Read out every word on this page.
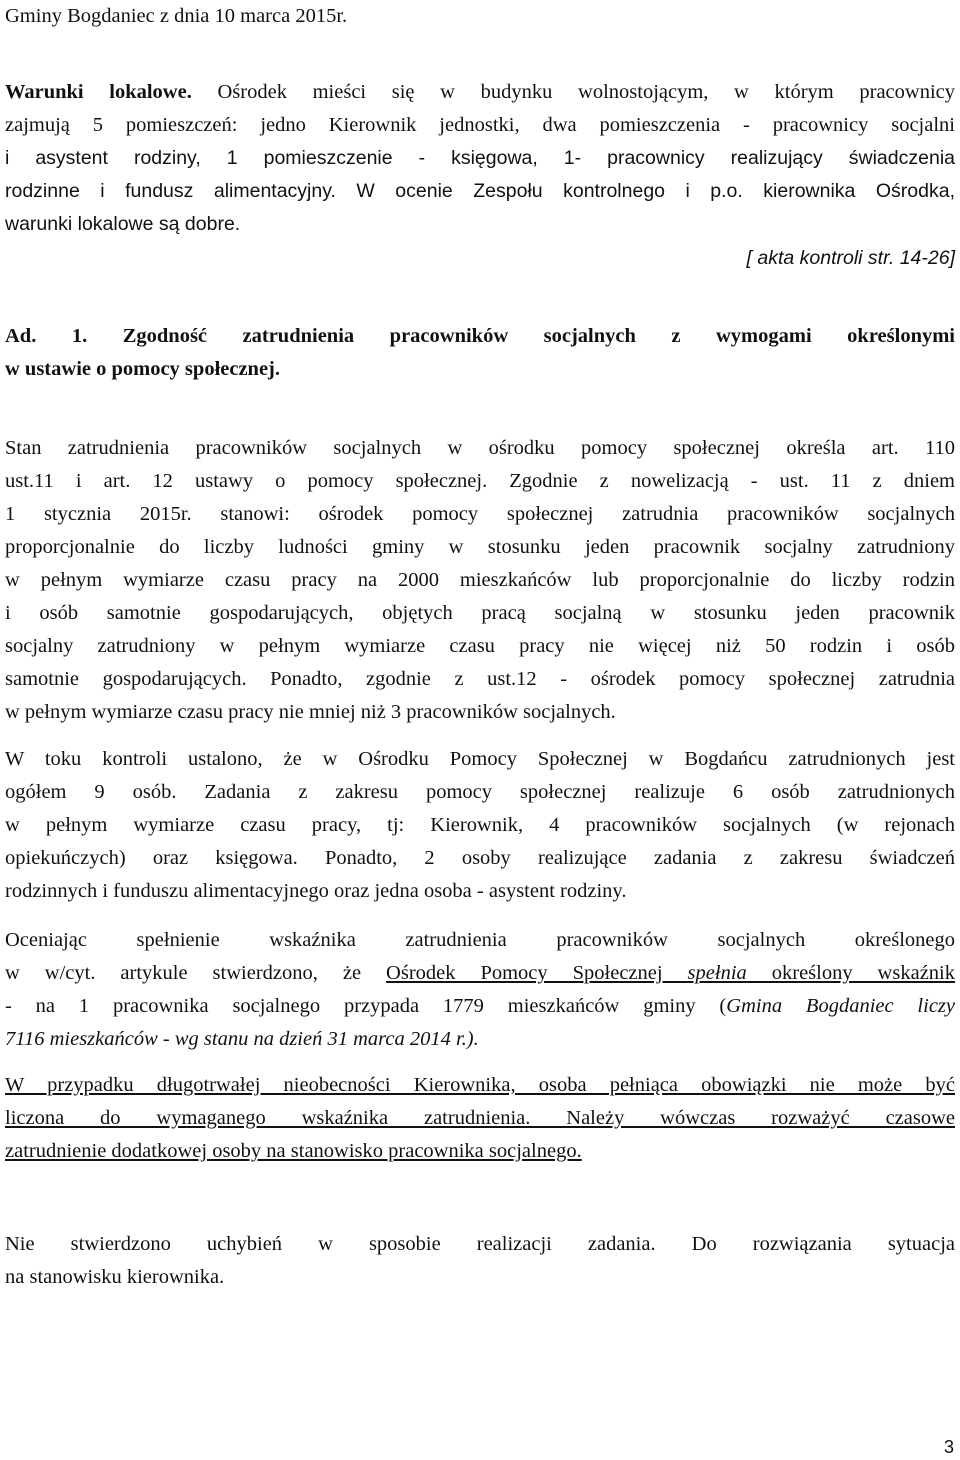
Gminy Bogdaniec z dnia 10 marca 2015r.

Warunki lokalowe. Ośrodek mieści się w budynku wolnostojącym, w którym pracownicy
zajmują 5 pomieszczeń: jedno Kierownik jednostki, dwa pomieszczenia - pracownicy socjalni
i asystent rodziny, 1 pomieszczenie - księgowa, 1- pracownicy realizujący świadczenia
rodzinne i fundusz alimentacyjny. W ocenie Zespołu kontrolnego i p.o. kierownika Ośrodka,
warunki lokalowe są dobre.

[ akta kontroli str. 14-26]

Ad. 1. Zgodność zatrudnienia pracowników socjalnych z wymogami określonymi
w ustawie o pomocy społecznej.

Stan zatrudnienia pracowników socjalnych w ośrodku pomocy społecznej określa art. 110
ust.11 i art. 12 ustawy o pomocy społecznej. Zgodnie z nowelizacją - ust. 11 z dniem
1 stycznia 2015r. stanowi: ośrodek pomocy społecznej zatrudnia pracowników socjalnych
proporcjonalnie do liczby ludności gminy w stosunku jeden pracownik socjalny zatrudniony
w pełnym wymiarze czasu pracy na 2000 mieszkańców lub proporcjonalnie do liczby rodzin
i osób samotnie gospodarujących, objętych pracą socjalną w stosunku jeden pracownik
socjalny zatrudniony w pełnym wymiarze czasu pracy nie więcej niż 50 rodzin i osób
samotnie gospodarujących. Ponadto, zgodnie z ust.12 - ośrodek pomocy społecznej zatrudnia
w pełnym wymiarze czasu pracy nie mniej niż 3 pracowników socjalnych.

W toku kontroli ustalono, że w Ośrodku Pomocy Społecznej w Bogdańcu zatrudnionych jest
ogółem 9 osób. Zadania z zakresu pomocy społecznej realizuje 6 osób zatrudnionych
w pełnym wymiarze czasu pracy, tj: Kierownik, 4 pracowników socjalnych (w rejonach
opiekuńczych) oraz księgowa. Ponadto, 2 osoby realizujące zadania z zakresu świadczeń
rodzinnych i funduszu alimentacyjnego oraz jedna osoba - asystent rodziny.

Oceniając spełnienie wskaźnika zatrudnienia pracowników socjalnych określonego
w w/cyt. artykule stwierdzono, że Ośrodek Pomocy Społecznej spełnia określony wskaźnik
- na 1 pracownika socjalnego przypada 1779 mieszkańców gminy (Gmina Bogdaniec liczy
7116 mieszkańców - wg stanu na dzień 31 marca 2014 r.).

W przypadku długotrwałej nieobecności Kierownika, osoba pełniąca obowiązki nie może być
liczona do wymaganego wskaźnika zatrudnienia. Należy wówczas rozważyć czasowe
zatrudnienie dodatkowej osoby na stanowisko pracownika socjalnego.

Nie stwierdzono uchybień w sposobie realizacji zadania. Do rozwiązania sytuacja
na stanowisku kierownika.

3
